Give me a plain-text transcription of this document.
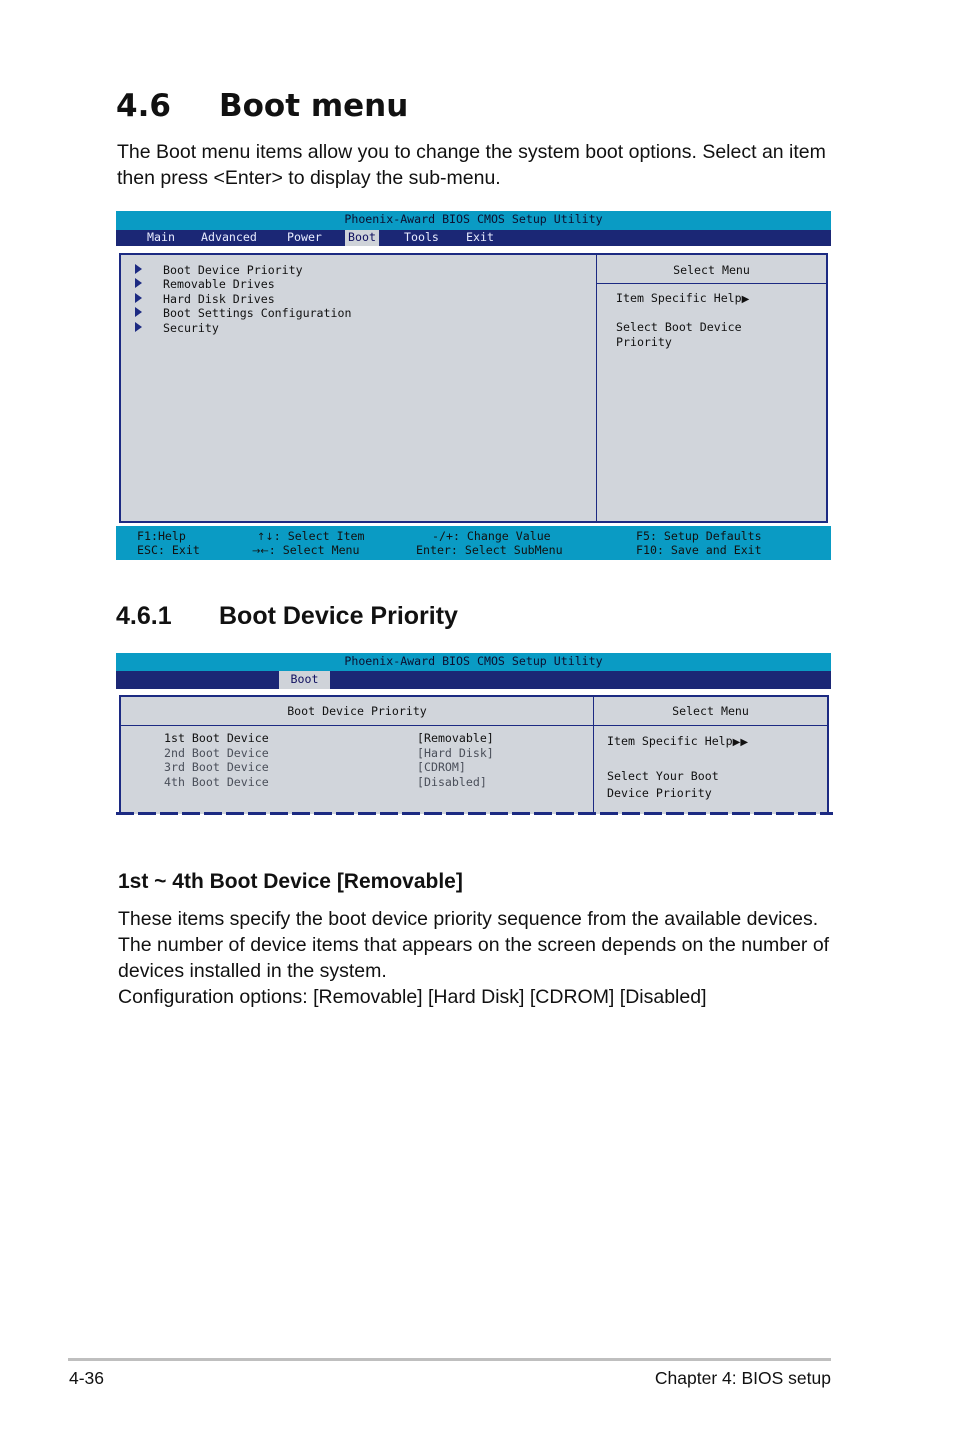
4.6 Boot menu
The Boot menu items allow you to change the system boot options. Select an item
then press <Enter> to display the sub-menu.
Phoenix-Award BIOS CMOS Setup Utility

Main

Advanced

	Power

Boot

Tools

Exit

Boot Device Priority
Removable Drives
Hard Disk Drives
Boot Settings Configuration
Security
Select Menu
Item Specific Help▶
Select Boot Device
Priority

F1:Help

ESC: Exit

↑↓: Select Item

→←: Select Menu

-/+: Change Value

Enter: Select SubMenu

F5: Setup Defaults

F10: Save and Exit

4.6.1 Boot Device Priority
Phoenix-Award BIOS CMOS Setup Utility

Boot

Boot Device Priority	Select Menu
1st Boot Device	[Removable]
2nd Boot Device	[Hard Disk]
3rd Boot Device	[CDROM]
4th Boot Device	[Disabled]
Item Specific Help▶▶
Select Your Boot
Device Priority
1st ~ 4th Boot Device [Removable]
These items specify the boot device priority sequence from the available devices.
The number of device items that appears on the screen depends on the number of
devices installed in the system.
Configuration options: [Removable] [Hard Disk] [CDROM] [Disabled]
4-36	Chapter 4: BIOS setup
